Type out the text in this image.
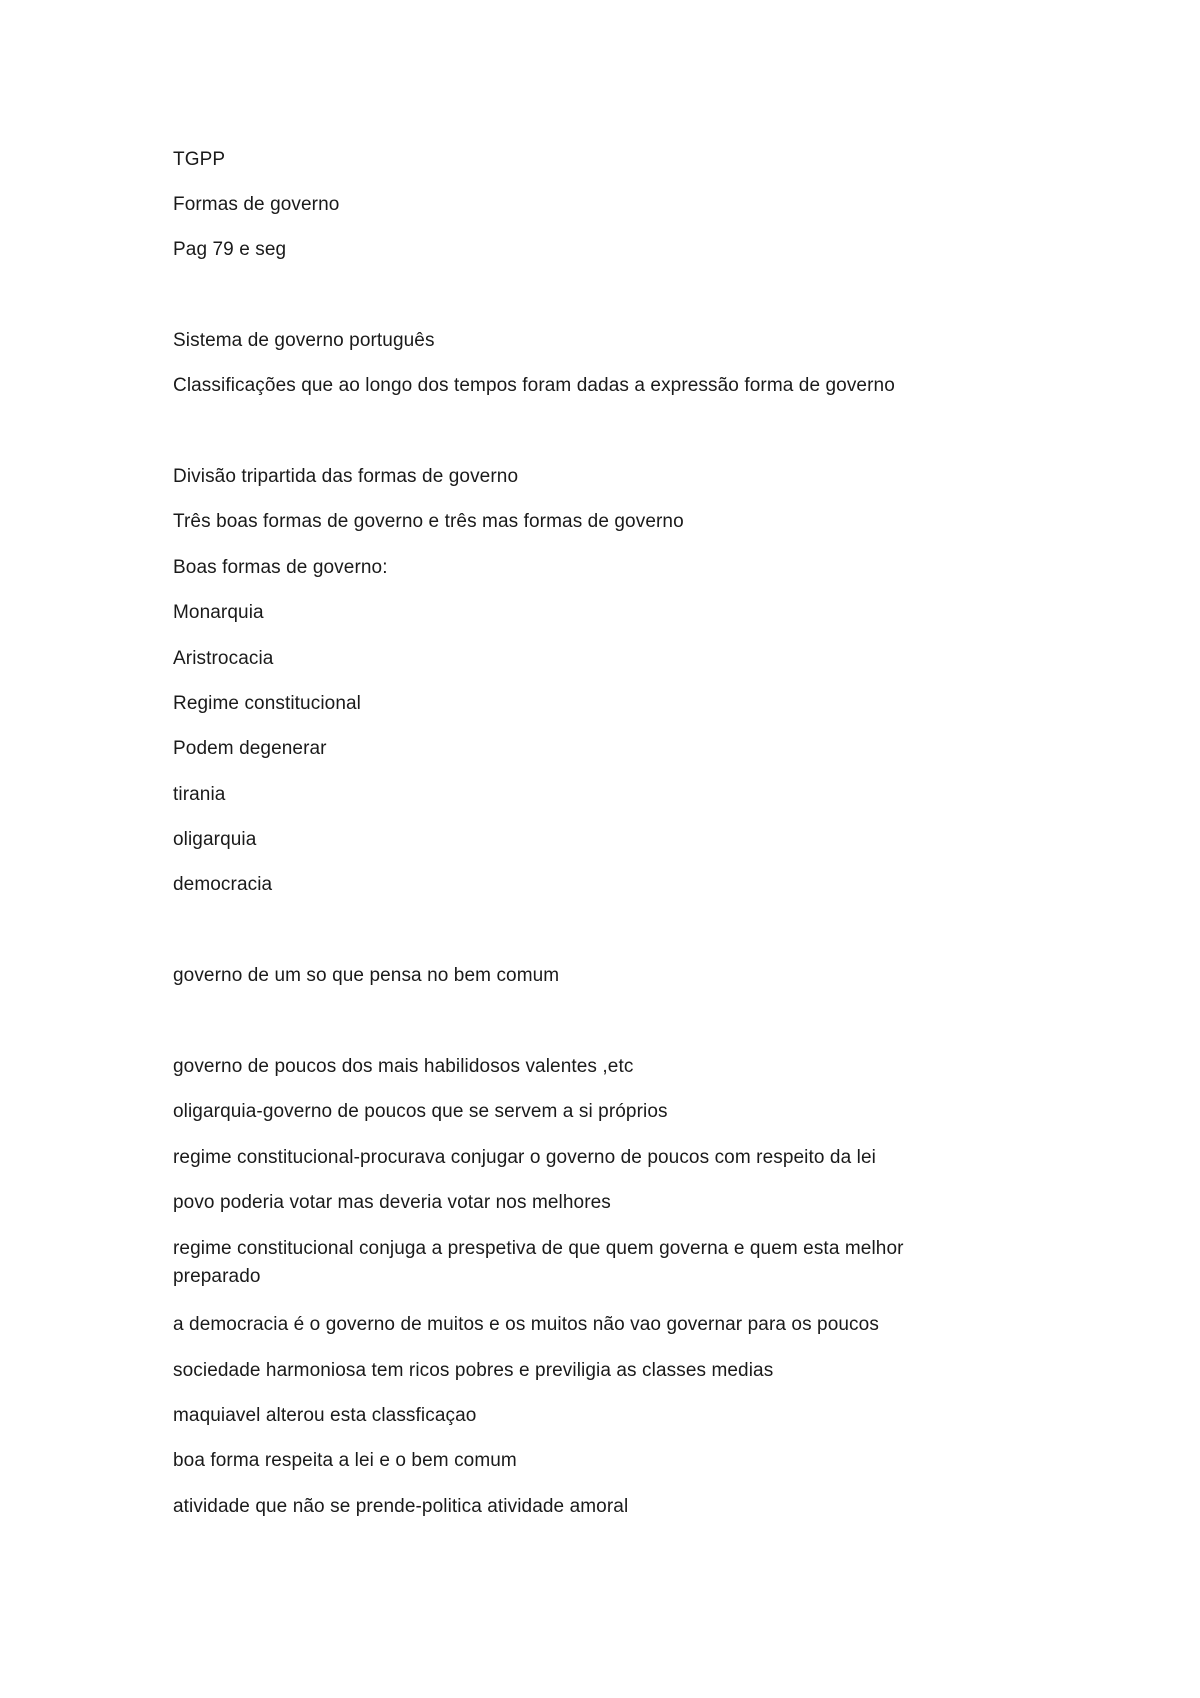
TGPP
Formas de governo
Pag 79 e seg
Sistema de governo português
Classificações que ao longo dos tempos foram dadas a expressão forma de governo
Divisão tripartida das formas de governo
Três boas formas de governo e três mas formas de governo
Boas formas de governo:
Monarquia
Aristrocacia
Regime constitucional
Podem degenerar
tirania
oligarquia
democracia
governo de um so que pensa no bem comum
governo de poucos dos mais habilidosos valentes ,etc
oligarquia-governo de poucos que se servem a si próprios
regime constitucional-procurava conjugar o governo de poucos com respeito da lei
povo poderia votar mas deveria votar nos melhores
regime constitucional conjuga a prespetiva de que quem governa e quem esta melhor preparado
a democracia é o governo de muitos e os muitos não vao governar para os poucos
sociedade harmoniosa tem ricos pobres e previligia as classes medias
maquiavel alterou esta classficaçao
boa forma respeita a lei e o bem comum
atividade que não se prende-politica atividade amoral
